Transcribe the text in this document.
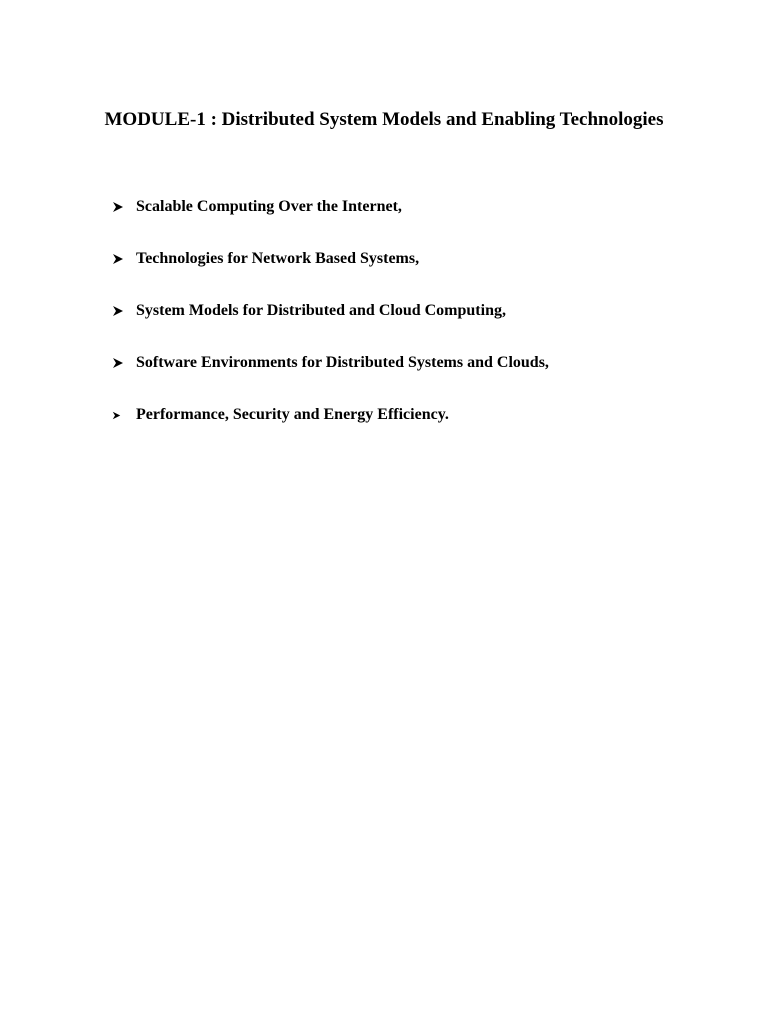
MODULE-1 : Distributed System Models and Enabling Technologies
Scalable Computing Over the Internet,
Technologies for Network Based Systems,
System Models for Distributed and Cloud Computing,
Software Environments for Distributed Systems and Clouds,
Performance, Security and Energy Efficiency.
